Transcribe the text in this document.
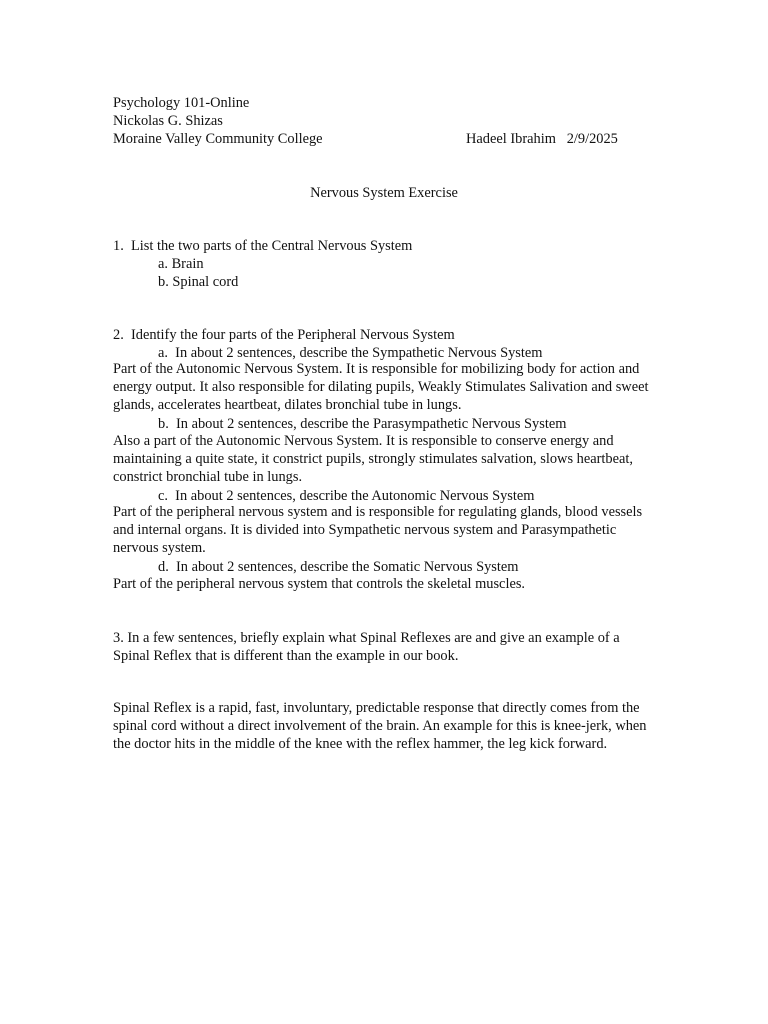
Psychology 101-Online
Nickolas G. Shizas
Moraine Valley Community College	Hadeel Ibrahim   2/9/2025
Nervous System Exercise
1.  List the two parts of the Central Nervous System
a. Brain
b. Spinal cord
2.  Identify the four parts of the Peripheral Nervous System
a.  In about 2 sentences, describe the Sympathetic Nervous System
Part of the Autonomic Nervous System. It is responsible for mobilizing body for action and energy output. It also responsible for dilating pupils, Weakly Stimulates Salivation and sweet glands, accelerates heartbeat, dilates bronchial tube in lungs.
b.  In about 2 sentences, describe the Parasympathetic Nervous System
Also a part of the Autonomic Nervous System. It is responsible to conserve energy and maintaining a quite state, it constrict pupils, strongly stimulates salvation, slows heartbeat, constrict bronchial tube in lungs.
c.  In about 2 sentences, describe the Autonomic Nervous System
Part of the peripheral nervous system and is responsible for regulating glands, blood vessels and internal organs. It is divided into Sympathetic nervous system and Parasympathetic nervous system.
d.  In about 2 sentences, describe the Somatic Nervous System
Part of the peripheral nervous system that controls the skeletal muscles.
3. In a few sentences, briefly explain what Spinal Reflexes are and give an example of a Spinal Reflex that is different than the example in our book.
Spinal Reflex is a rapid, fast, involuntary, predictable response that directly comes from the spinal cord without a direct involvement of the brain. An example for this is knee-jerk, when the doctor hits in the middle of the knee with the reflex hammer, the leg kick forward.
